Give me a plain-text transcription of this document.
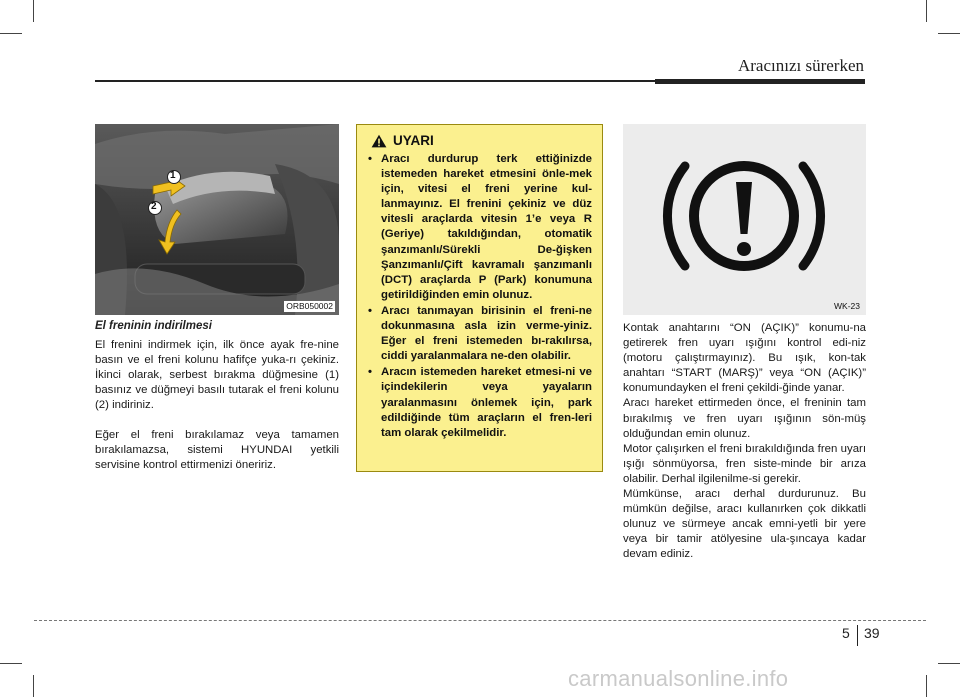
Aracınızı sürerken
1
2
ORB050002
El freninin indirilmesi

El frenini indirmek için, ilk önce ayak fre-nine basın ve el freni kolunu hafifçe yuka-rı çekiniz. İkinci olarak, serbest bırakma düğmesine (1) basınız ve düğmeyi basılı tutarak el freni kolunu (2) indiriniz.

Eğer el freni bırakılamaz veya tamamen bırakılamazsa, sistemi HYUNDAI yetkili servisine kontrol ettirmenizi öneririz.

UYARI
• Aracı durdurup terk ettiğinizde istemeden hareket etmesini önle-mek için, vitesi el freni yerine kul-lanmayınız. El frenini çekiniz ve düz vitesli araçlarda vitesin 1’e veya R (Geriye) takıldığından, otomatik şanzımanlı/Sürekli De-ğişken Şanzımanlı/Çift kavramalı şanzımanlı (DCT) araçlarda P (Park) konumuna getirildiğinden emin olunuz.
• Aracı tanımayan birisinin el freni-ne dokunmasına asla izin verme-yiniz. Eğer el freni istemeden bı-rakılırsa, ciddi yaralanmalara ne-den olabilir.
• Aracın istemeden hareket etmesi-ni ve içindekilerin veya yayaların yaralanmasını önlemek için, park edildiğinde tüm araçların el fren-leri tam olarak çekilmelidir.
WK-23

Kontak anahtarını “ON (AÇIK)” konumu-na getirerek fren uyarı ışığını kontrol edi-niz (motoru çalıştırmayınız). Bu ışık, kon-tak anahtarı “START (MARŞ)” veya “ON (AÇIK)” konumundayken el freni çekildi-ğinde yanar.

Aracı hareket ettirmeden önce, el freninin tam bırakılmış ve fren uyarı ışığının sön-müş olduğundan emin olunuz.

Motor çalışırken el freni bırakıldığında fren uyarı ışığı sönmüyorsa, fren siste-minde bir arıza olabilir. Derhal ilgilenilme-si gerekir.

Mümkünse, aracı derhal durdurunuz. Bu mümkün değilse, aracı kullanırken çok dikkatli olunuz ve sürmeye ancak emni-yetli bir yere veya bir tamir atölyesine ula-şıncaya kadar devam ediniz.

5 39
carmanualsonline.info
